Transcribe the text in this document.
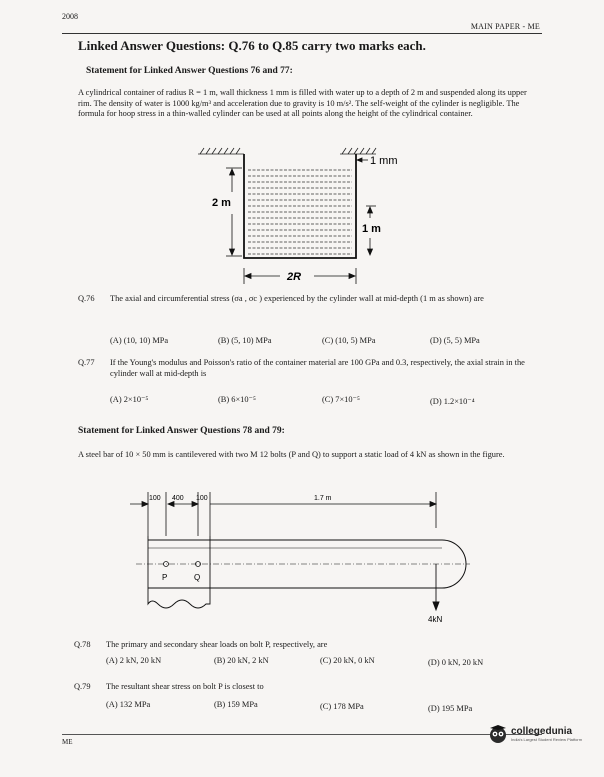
2008
MAIN PAPER - ME
Linked Answer Questions: Q.76 to Q.85 carry two marks each.
Statement for Linked Answer Questions 76 and 77:
A cylindrical container of radius R = 1 m, wall thickness 1 mm is filled with water up to a depth of 2 m and suspended along its upper rim. The density of water is 1000 kg/m³ and acceleration due to gravity is 10 m/s². The self-weight of the cylinder is negligible. The formula for hoop stress in a thin-walled cylinder can be used at all points along the height of the cylindrical container.
1 mm
2 m
1 m
2R
Q.76 The axial and circumferential stress (σa , σc ) experienced by the cylinder wall at mid-depth (1 m as shown) are
(A) (10, 10) MPa	(B) (5, 10) MPa	(C) (10, 5) MPa	(D) (5, 5) MPa
Q.77 If the Young's modulus and Poisson's ratio of the container material are 100 GPa and 0.3, respectively, the axial strain in the cylinder wall at mid-depth is
(A) 2×10⁻⁵	(B) 6×10⁻⁵	(C) 7×10⁻⁵	(D) 1.2×10⁻⁴
Statement for Linked Answer Questions 78 and 79:
A steel bar of 10 × 50 mm is cantilevered with two M 12 bolts (P and Q) to support a static load of 4 kN as shown in the figure.
100 400 100	1.7 m
P	Q
4kN
Q.78 The primary and secondary shear loads on bolt P, respectively, are
(A) 2 kN, 20 kN	(B) 20 kN, 2 kN	(C) 20 kN, 0 kN	(D) 0 kN, 20 kN
Q.79 The resultant shear stress on bolt P is closest to
(A) 132 MPa	(B) 159 MPa	(C) 178 MPa	(D) 195 MPa
ME
collegedunia
India's Largest Student Review Platform
